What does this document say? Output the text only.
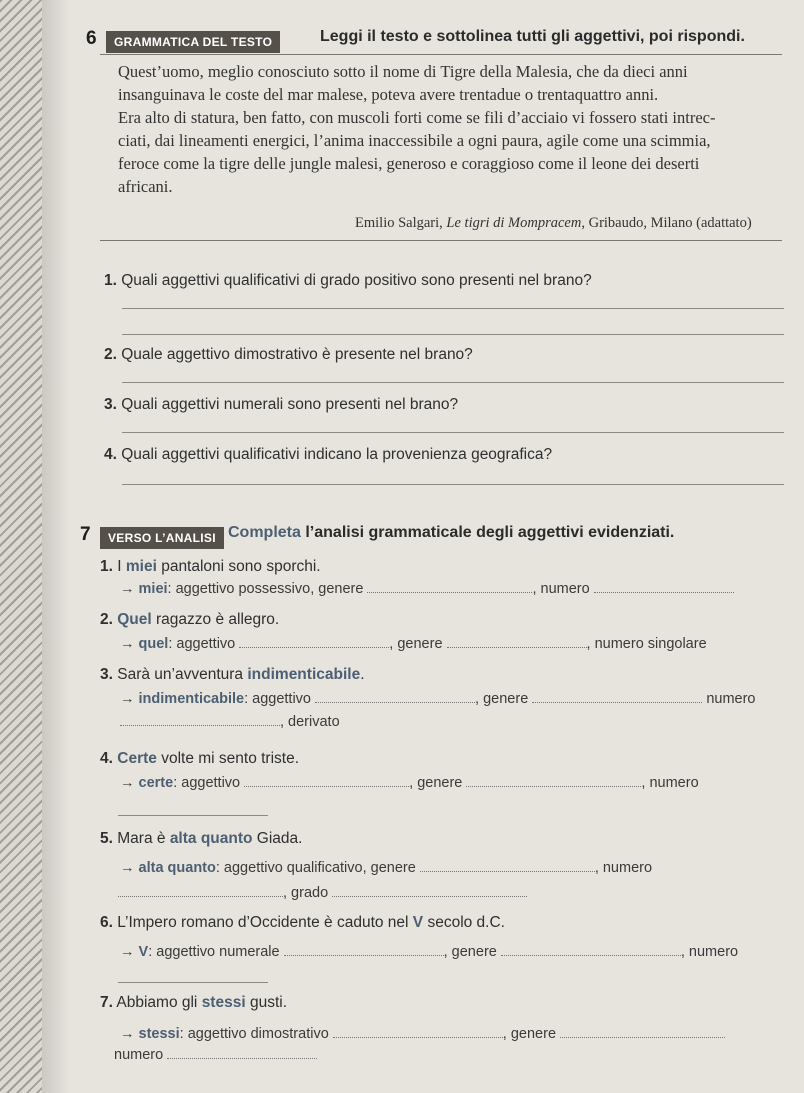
6	GRAMMATICA DEL TESTO	Leggi il testo e sottolinea tutti gli aggettivi, poi rispondi.
Quest’uomo, meglio conosciuto sotto il nome di Tigre della Malesia, che da dieci anni
insanguinava le coste del mar malese, poteva avere trentadue o trentaquattro anni.
Era alto di statura, ben fatto, con muscoli forti come se fili d’acciaio vi fossero stati intrec-
ciati, dai lineamenti energici, l’anima inaccessibile a ogni paura, agile come una scimmia,
feroce come la tigre delle jungle malesi, generoso e coraggioso come il leone dei deserti
africani.
Emilio Salgari, Le tigri di Mompracem, Gribaudo, Milano (adattato)
1. Quali aggettivi qualificativi di grado positivo sono presenti nel brano?
2. Quale aggettivo dimostrativo è presente nel brano?
3. Quali aggettivi numerali sono presenti nel brano?
4. Quali aggettivi qualificativi indicano la provenienza geografica?
7	VERSO L’ANALISI Completa l’analisi grammaticale degli aggettivi evidenziati.
1. I miei pantaloni sono sporchi.
→ miei: aggettivo possessivo, genere	, numero
2. Quel ragazzo è allegro.
→ quel: aggettivo	, genere	, numero singolare
3. Sarà un’avventura indimenticabile.
→ indimenticabile: aggettivo	, genere	numero
, derivato
4. Certe volte mi sento triste.
→ certe: aggettivo	, genere	, numero
5. Mara è alta quanto Giada.
→ alta quanto: aggettivo qualificativo, genere	, numero
, grado
6. L’Impero romano d’Occidente è caduto nel V secolo d.C.
→ V: aggettivo numerale	, genere	, numero
7. Abbiamo gli stessi gusti.
→ stessi: aggettivo dimostrativo	, genere
numero
